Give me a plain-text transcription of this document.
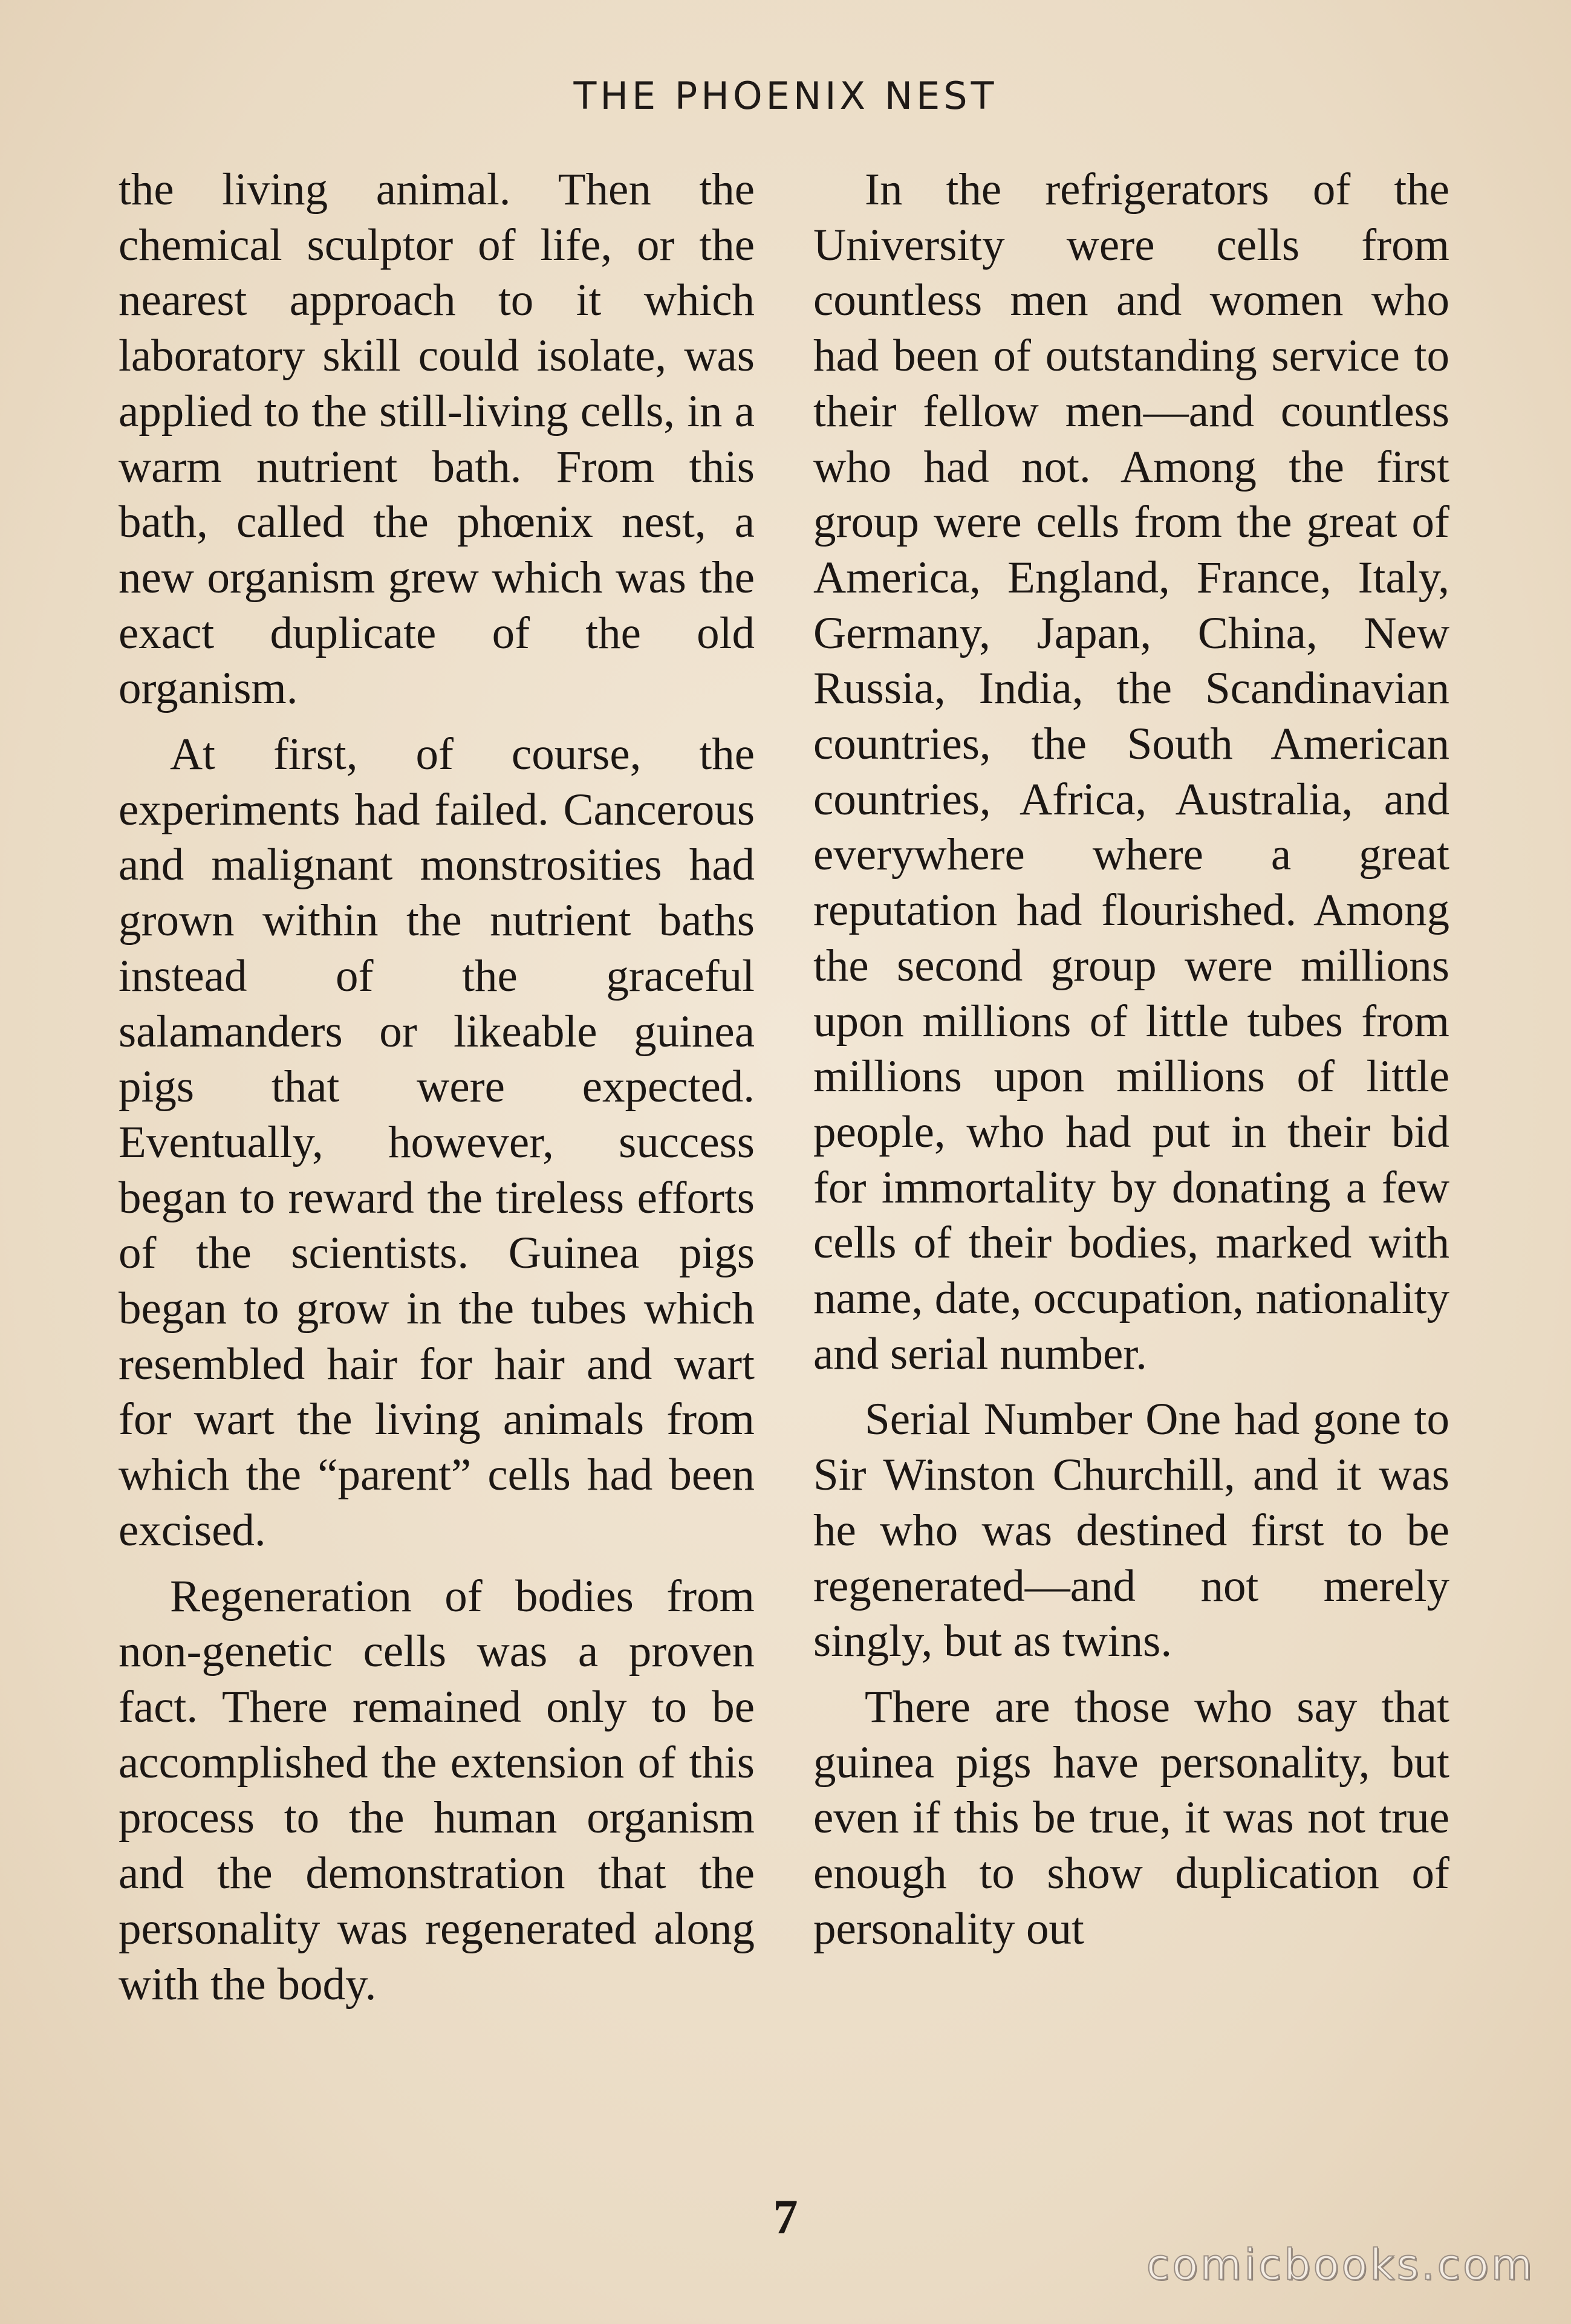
THE PHOENIX NEST

the living animal. Then the chemical sculptor of life, or the nearest approach to it which laboratory skill could isolate, was applied to the still-living cells, in a warm nutrient bath. From this bath, called the phœnix nest, a new organism grew which was the exact duplicate of the old organism.

At first, of course, the experiments had failed. Cancerous and malignant monstrosities had grown within the nutrient baths instead of the graceful salamanders or likeable guinea pigs that were expected. Eventually, however, success began to reward the tireless efforts of the scientists. Guinea pigs began to grow in the tubes which resembled hair for hair and wart for wart the living animals from which the “parent” cells had been excised.

Regeneration of bodies from non-genetic cells was a proven fact. There remained only to be accomplished the extension of this process to the human organism and the demonstration that the personality was regenerated along with the body.

In the refrigerators of the University were cells from countless men and women who had been of outstanding service to their fellow men—and countless who had not. Among the first group were cells from the great of America, England, France, Italy, Germany, Japan, China, New Russia, India, the Scandinavian countries, the South American countries, Africa, Australia, and everywhere where a great reputation had flourished. Among the second group were millions upon millions of little tubes from millions upon millions of little people, who had put in their bid for immortality by donating a few cells of their bodies, marked with name, date, occupation, nationality and serial number.

Serial Number One had gone to Sir Winston Churchill, and it was he who was destined first to be regenerated—and not merely singly, but as twins.

There are those who say that guinea pigs have personality, but even if this be true, it was not true enough to show duplication of personality out

7
comicbooks.com
